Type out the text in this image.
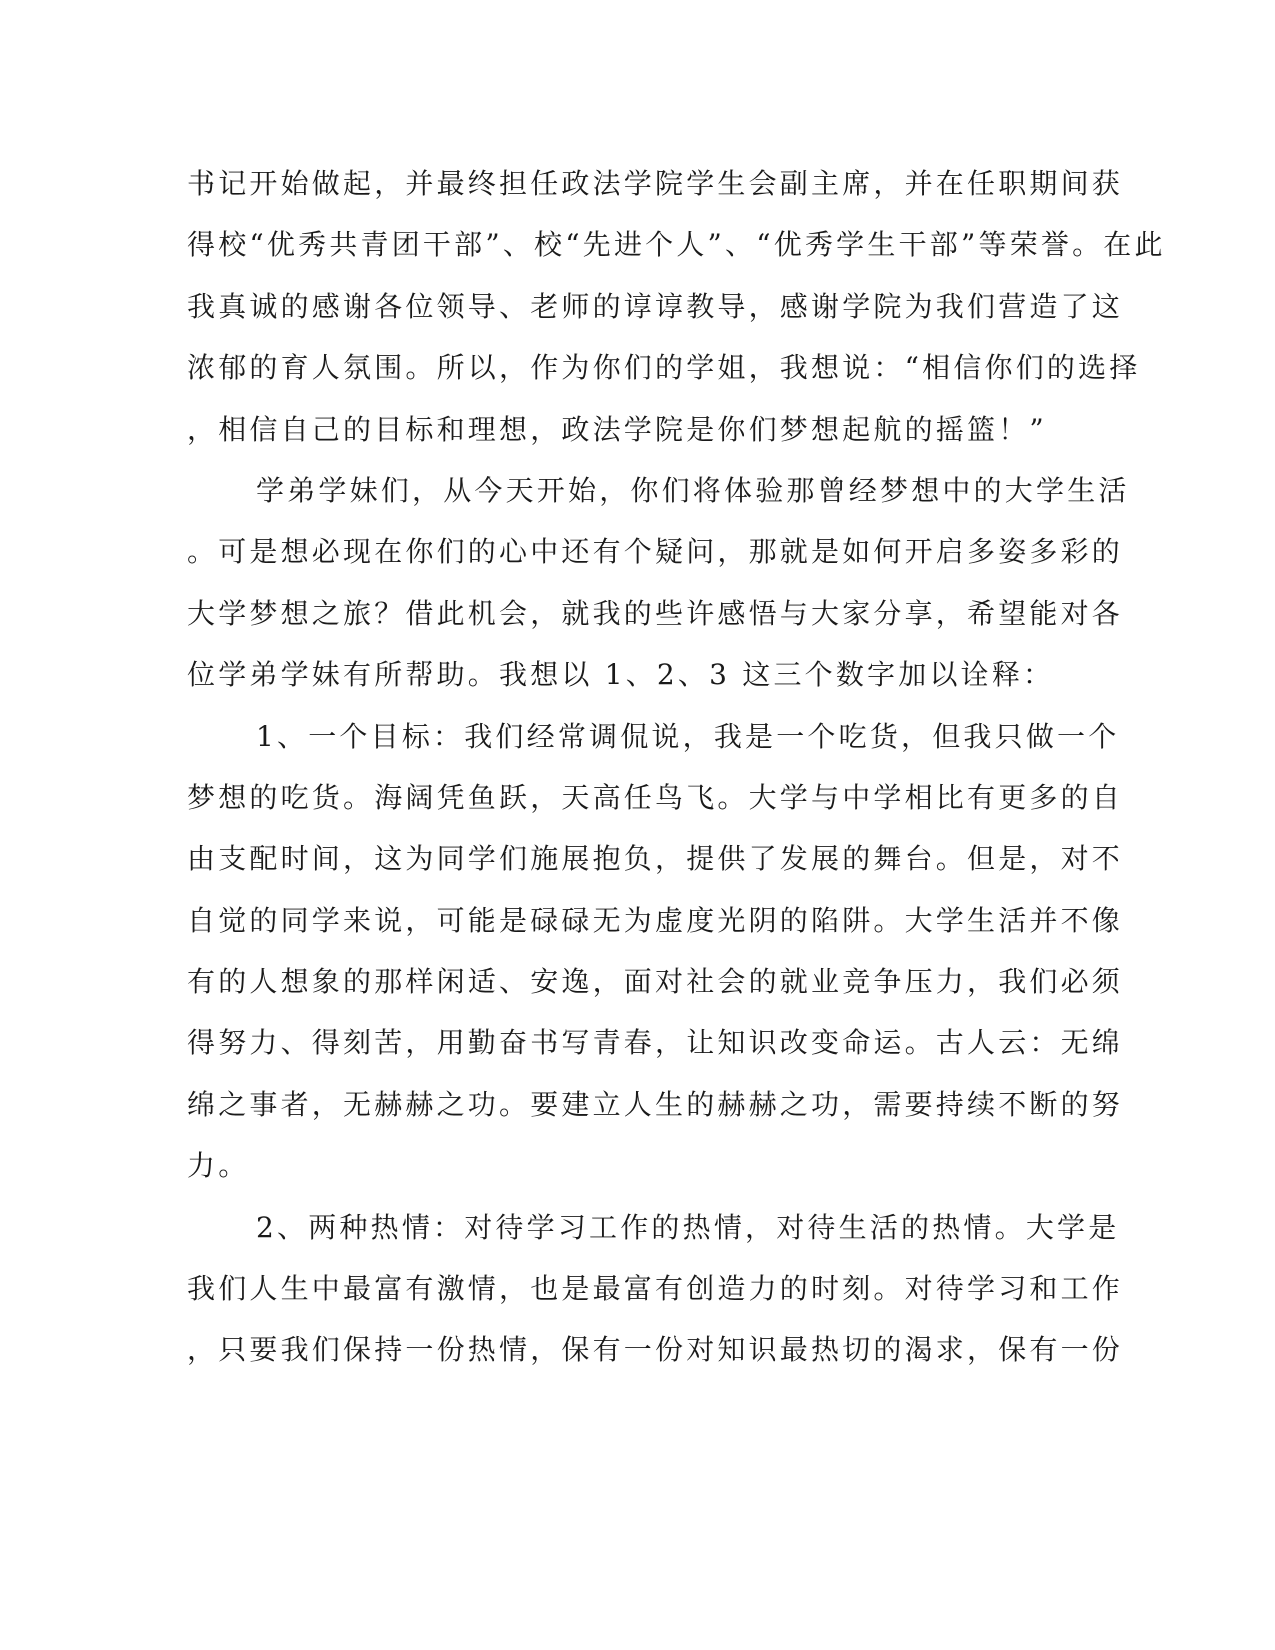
书记开始做起，并最终担任政法学院学生会副主席，并在任职期间获
得校“优秀共青团干部”、校“先进个人”、“优秀学生干部”等荣誉。在此
我真诚的感谢各位领导、老师的谆谆教导，感谢学院为我们营造了这
浓郁的育人氛围。所以，作为你们的学姐，我想说：“相信你们的选择
，相信自己的目标和理想，政法学院是你们梦想起航的摇篮！”
学弟学妹们，从今天开始，你们将体验那曾经梦想中的大学生活
。可是想必现在你们的心中还有个疑问，那就是如何开启多姿多彩的
大学梦想之旅？借此机会，就我的些许感悟与大家分享，希望能对各
位学弟学妹有所帮助。我想以 1、2、3 这三个数字加以诠释：
1、一个目标：我们经常调侃说，我是一个吃货，但我只做一个
梦想的吃货。海阔凭鱼跃，天高任鸟飞。大学与中学相比有更多的自
由支配时间，这为同学们施展抱负，提供了发展的舞台。但是，对不
自觉的同学来说，可能是碌碌无为虚度光阴的陷阱。大学生活并不像
有的人想象的那样闲适、安逸，面对社会的就业竞争压力，我们必须
得努力、得刻苦，用勤奋书写青春，让知识改变命运。古人云：无绵
绵之事者，无赫赫之功。要建立人生的赫赫之功，需要持续不断的努
力。
2、两种热情：对待学习工作的热情，对待生活的热情。大学是
我们人生中最富有激情，也是最富有创造力的时刻。对待学习和工作
，只要我们保持一份热情，保有一份对知识最热切的渴求，保有一份
